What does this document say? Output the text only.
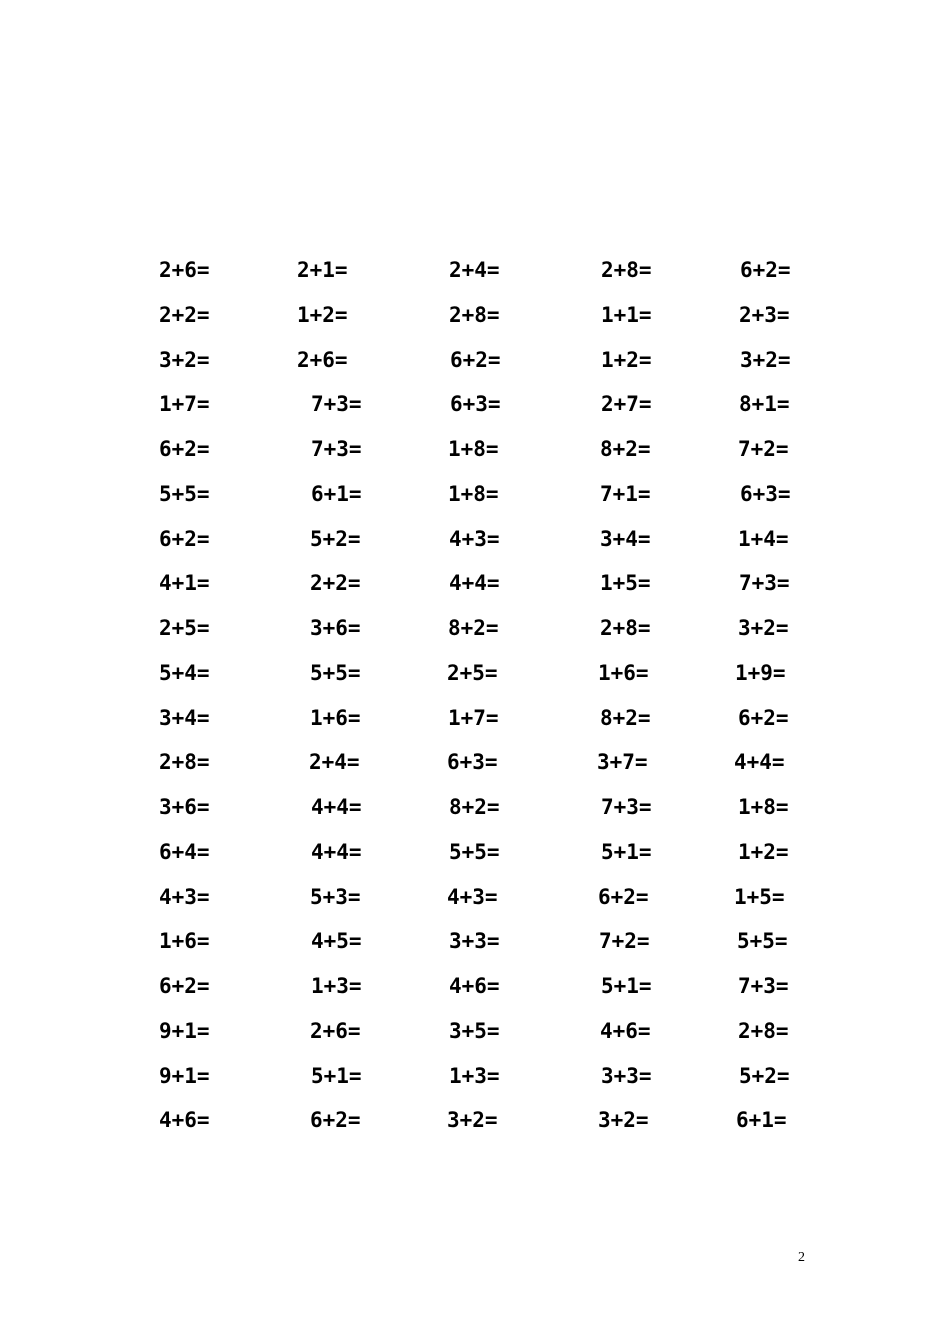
2+6=	2+1=	2+4=	2+8=	6+2=
2+2=	1+2=	2+8=	1+1=	2+3=
3+2=	2+6=	6+2=	1+2=	3+2=
1+7=	7+3=	6+3=	2+7=	8+1=
6+2=	7+3=	1+8=	8+2=	7+2=
5+5=	6+1=	1+8=	7+1=	6+3=
6+2=	5+2=	4+3=	3+4=	1+4=
4+1=	2+2=	4+4=	1+5=	7+3=
2+5=	3+6=	8+2=	2+8=	3+2=
5+4=	5+5=	2+5=	1+6=	1+9=
3+4=	1+6=	1+7=	8+2=	6+2=
2+8=	2+4=	6+3=	3+7=	4+4=
3+6=	4+4=	8+2=	7+3=	1+8=
6+4=	4+4=	5+5=	5+1=	1+2=
4+3=	5+3=	4+3=	6+2=	1+5=
1+6=	4+5=	3+3=	7+2=	5+5=
6+2=	1+3=	4+6=	5+1=	7+3=
9+1=	2+6=	3+5=	4+6=	2+8=
9+1=	5+1=	1+3=	3+3=	5+2=
4+6=	6+2=	3+2=	3+2=	6+1=
2
